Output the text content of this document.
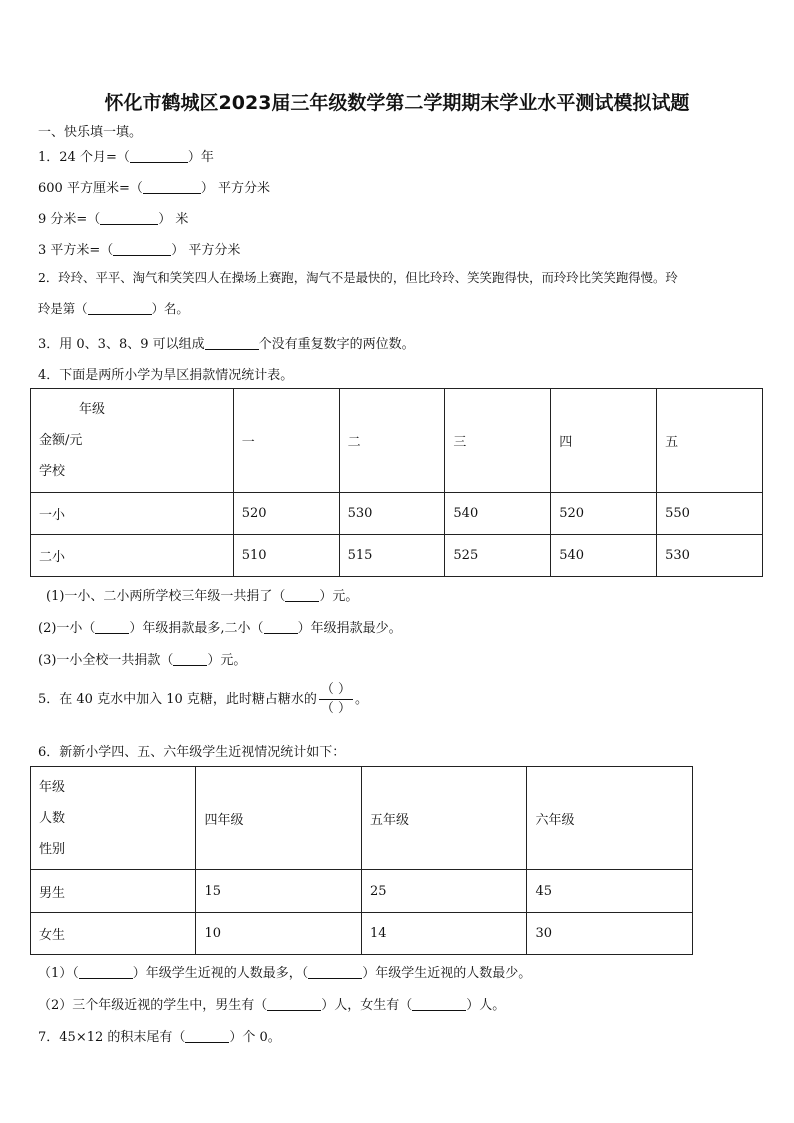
怀化市鹤城区2023届三年级数学第二学期期末学业水平测试模拟试题
一、快乐填一填。
1．24 个月=（	）年
600 平方厘米=（	） 平方分米
9 分米=（	） 米
3 平方米=（	） 平方分米
2．玲玲、平平、淘气和笑笑四人在操场上赛跑，淘气不是最快的，但比玲玲、笑笑跑得快，而玲玲比笑笑跑得慢。玲
玲是第（	）名。
3．用 0、3、8、9 可以组成	个没有重复数字的两位数。
4．下面是两所小学为旱区捐款情况统计表。
年级
金额/元
学校	一	二	三	四	五
一小	520	530	540	520	550
二小	510	515	525	540	530
(1)一小、二小两所学校三年级一共捐了（	）元。
(2)一小（	）年级捐款最多,二小（	）年级捐款最少。
(3)一小全校一共捐款（	）元。
5．在 40 克水中加入 10 克糖，此时糖占糖水的 $\frac{( )}{( )}$ 。
6．新新小学四、五、六年级学生近视情况统计如下：
年级
人数
性别	四年级	五年级	六年级
男生	15	25	45
女生	10	14	30
（1）（	）年级学生近视的人数最多，（	）年级学生近视的人数最少。
（2）三个年级近视的学生中，男生有（	）人，女生有（	）人。
7．45×12 的积末尾有（	）个 0。
